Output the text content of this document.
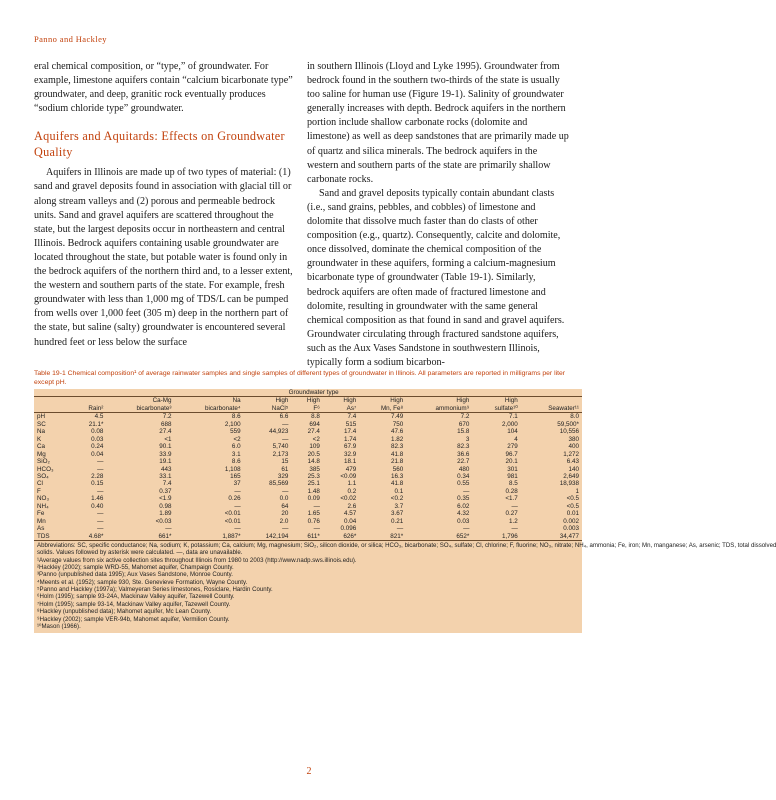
Panno and Hackley

eral chemical composition, or “type,” of groundwater. For example, limestone aquifers contain “calcium bicarbonate type” groundwater, and deep, granitic rock eventually produces “sodium chloride type” groundwater.

Aquifers and Aquitards: Effects on Groundwater Quality

Aquifers in Illinois are made up of two types of material: (1) sand and gravel deposits found in association with glacial till or along stream valleys and (2) porous and permeable bedrock units. Sand and gravel aquifers are scattered throughout the state, but the largest deposits occur in northeastern and central Illinois. Bedrock aquifers containing usable groundwater are located throughout the state, but potable water is found only in the bedrock aquifers of the northern third and, to a lesser extent, the western and southern parts of the state. For example, fresh groundwater with less than 1,000 mg of TDS/L can be pumped from wells over 1,000 feet (305 m) deep in the northern part of the state, but saline (salty) groundwater is encountered several hundred feet or less below the surface

in southern Illinois (Lloyd and Lyke 1995). Groundwater from bedrock found in the southern two-thirds of the state is usually too saline for human use (Figure 19-1). Salinity of groundwater generally increases with depth. Bedrock aquifers in the northern portion include shallow carbonate rocks (dolomite and limestone) as well as deep sandstones that are primarily made up of quartz and silica minerals. The bedrock aquifers in the western and southern parts of the state are primarily shallow carbonate rocks.

Sand and gravel deposits typically contain abundant clasts (i.e., sand grains, pebbles, and cobbles) of limestone and dolomite that dissolve much faster than do clasts of other composition (e.g., quartz). Consequently, calcite and dolomite, once dissolved, dominate the chemical composition of the groundwater in these aquifers, forming a calcium-magnesium bicarbonate type of groundwater (Table 19-1). Similarly, bedrock aquifers are often made of fractured limestone and dolomite, resulting in groundwater with the same general chemical composition as that found in sand and gravel aquifers. Groundwater circulating through fractured sandstone aquifers, such as the Aux Vases Sandstone in southwestern Illinois, typically form a sodium bicarbon-

Table 19-1 Chemical composition¹ of average rainwater samples and single samples of different types of groundwater in Illinois. All parameters are reported in milligrams per liter except pH.
		Groundwater type								
		Ca-Mg	Na	High	High	High	High	High	High	
	Rain²	bicarbonate³	bicarbonate⁴	NaCl⁵	F⁶	As⁷	Mn, Fe⁸	ammonium⁹	sulfate¹⁰	Seawater¹¹
pH	4.5	7.2	8.6	6.6	8.8	7.4	7.49	7.2	7.1	8.0
SC	21.1*	688	2,100	—	694	515	750	670	2,000	59,500*
Na	0.08	27.4	559	44,923	27.4	17.4	47.6	15.8	104	10,556
K	0.03	<1	<2	—	<2	1.74	1.82	3	4	380
Ca	0.24	90.1	6.0	5,740	109	67.9	82.3	82.3	279	400
Mg	0.04	33.9	3.1	2,173	20.5	32.9	41.8	36.6	96.7	1,272
SiO₂	—	19.1	8.6	15	14.8	18.1	21.8	22.7	20.1	6.43
HCO₃	—	443	1,108	61	385	479	560	480	301	140
SO₄	2.28	33.1	165	329	25.3	<0.09	16.3	0.34	981	2,649
Cl	0.15	7.4	37	85,569	25.1	1.1	41.8	0.55	8.5	18,938
F	—	0.37	—	—	1.48	0.2	0.1	—	0.28	1
NO₃	1.46	<1.9	0.26	0.0	0.09	<0.02	<0.2	0.35	<1.7	<0.5
NH₄	0.40	0.98	—	64	—	2.6	3.7	6.02	—	<0.5
Fe	—	1.89	<0.01	20	1.65	4.57	3.67	4.32	0.27	0.01
Mn	—	<0.03	<0.01	2.0	0.76	0.04	0.21	0.03	1.2	0.002
As	—	—	—	—	—	0.096	—	—	—	0.003
TDS	4.68*	661*	1,887*	142,194	611*	626*	821*	652*	1,796	34,477
Abbreviations: SC, specific conductance; Na, sodium; K, potassium; Ca, calcium; Mg, magnesium; SiO₂, silicon dioxide, or silica; HCO₃, bicarbonate; SO₄, sulfate; Cl, chlorine; F, fluorine; NO₃, nitrate; NH₄, ammonia; Fe, iron; Mn, manganese; As, arsenic; TDS, total dissolved
solids. Values followed by asterisk were calculated. —, data are unavailable.
¹Average values from six active collection sites throughout Illinois from 1980 to 2003 (http://www.nadp.sws.illinois.edu).
²Hackley (2002); sample WRD-55, Mahomet aquifer, Champaign County.
³Panno (unpublished data 1995); Aux Vases Sandstone, Monroe County.
⁴Meents et al. (1952); sample 930, Ste. Genevieve Formation, Wayne County.
⁵Panno and Hackley (1997a); Valmeyeran Series limestones, Rosiclare, Hardin County.
⁶Holm (1995); sample 93-24A, Mackinaw Valley aquifer, Tazewell County.
⁷Holm (1995); sample 93-14, Mackinaw Valley aquifer, Tazewell County.
⁸Hackley (unpublished data); Mahomet aquifer, Mc Lean County.
⁹Hackley (2002); sample VER-94b, Mahomet aquifer, Vermilion County.
¹⁰Mason (1966).
2
